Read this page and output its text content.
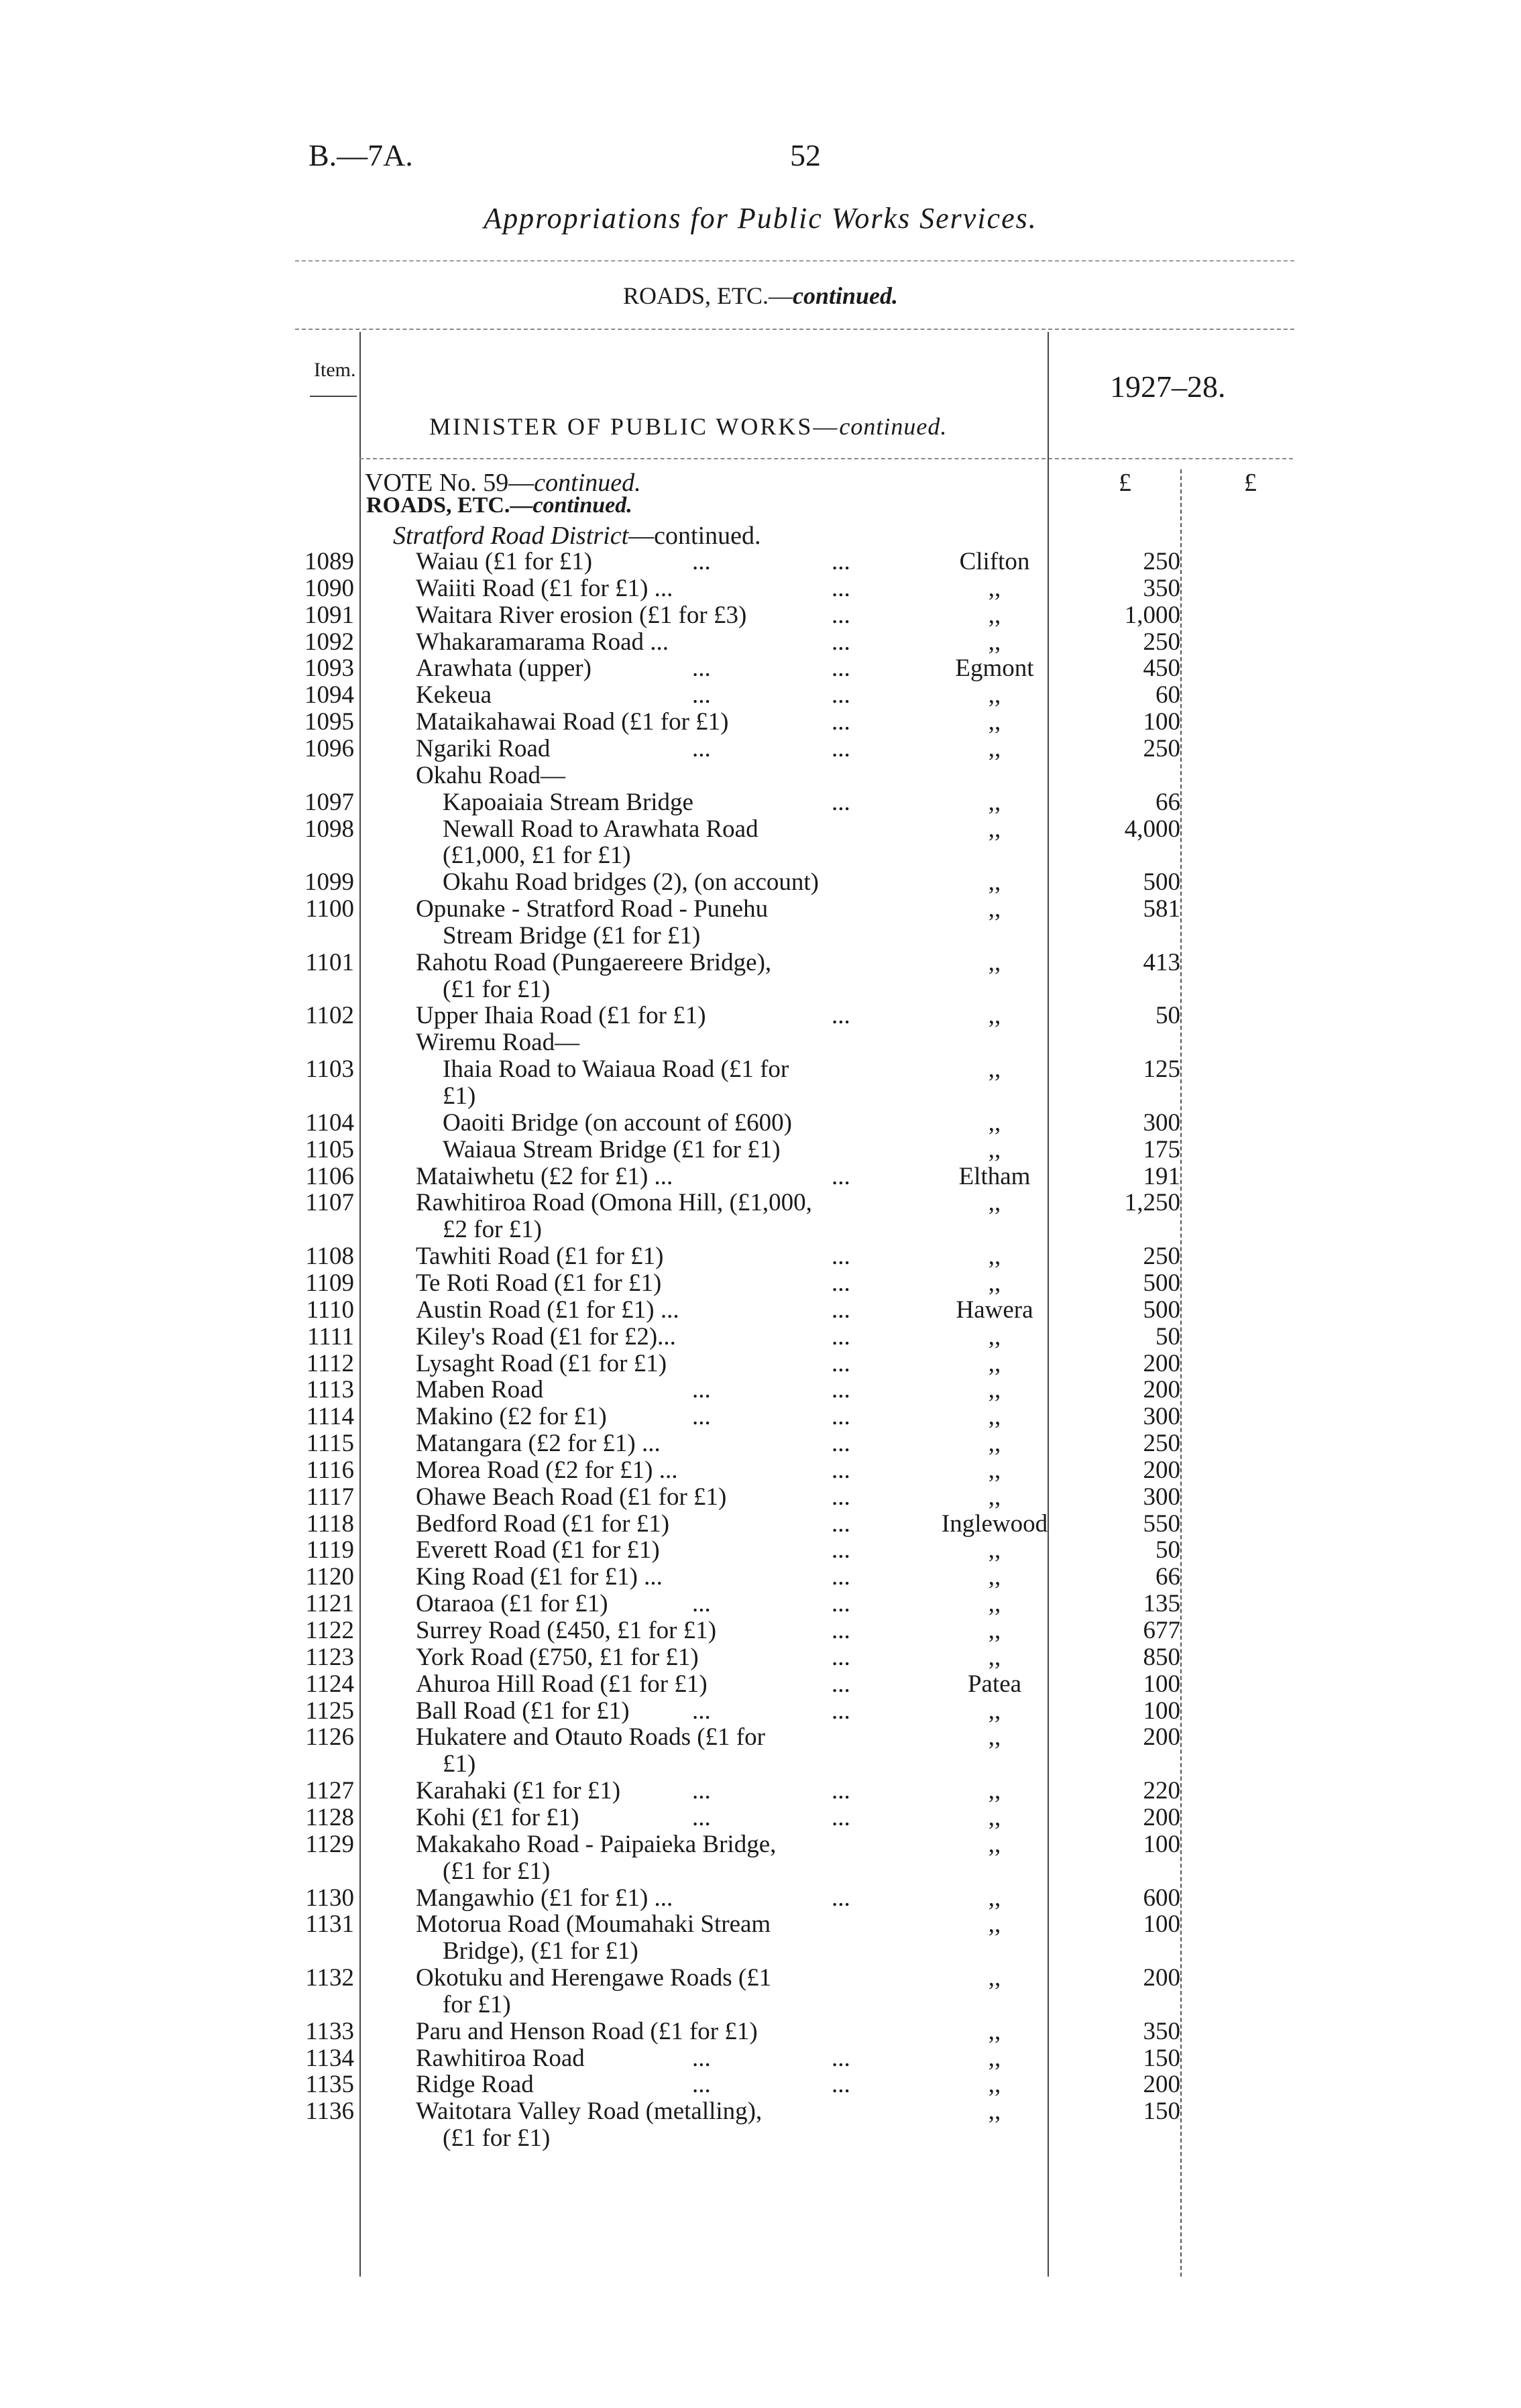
B.—7A.	52
Appropriations for Public Works Services.
ROADS, ETC.—continued.
Item.	1927–28.
MINISTER OF PUBLIC WORKS—continued.
£	£
VOTE No. 59—continued.
ROADS, ETC.—continued.
Stratford Road District—continued.
1089 Waiau (£1 for £1)	...	...	Clifton	250
1090 Waiiti Road (£1 for £1) ...	...	,,	350
1091 Waitara River erosion (£1 for £3)	...	,,	1,000
1092 Whakaramarama Road ...	...	,,	250
1093 Arawhata (upper)	...	...	Egmont	450
1094 Kekeua	...	...	,,	60
1095 Mataikahawai Road (£1 for £1)	...	,,	100
1096 Ngariki Road	...	...	,,	250
Okahu Road—
1097	Kapoaiaia Stream Bridge	...	,,	66
1098	Newall Road to Arawhata Road	,,	4,000
(£1,000, £1 for £1)
1099	Okahu Road bridges (2), (on account)	,,	500
1100 Opunake - Stratford Road - Punehu	,,	581
Stream Bridge (£1 for £1)
1101 Rahotu Road (Pungaereere Bridge),	,,	413
(£1 for £1)
1102 Upper Ihaia Road (£1 for £1)	...	,,	50
Wiremu Road—
1103	Ihaia Road to Waiaua Road (£1 for	,,	125
£1)
1104	Oaoiti Bridge (on account of £600)	,,	300
1105	Waiaua Stream Bridge (£1 for £1)	,,	175
1106 Mataiwhetu (£2 for £1) ...	...	Eltham	191
1107 Rawhitiroa Road (Omona Hill, (£1,000,	,,	1,250
£2 for £1)
1108 Tawhiti Road (£1 for £1)	...	,,	250
1109 Te Roti Road (£1 for £1)	...	,,	500
1110 Austin Road (£1 for £1) ...	...	Hawera	500
1111 Kiley's Road (£1 for £2)...	...	,,	50
1112 Lysaght Road (£1 for £1)	...	,,	200
1113 Maben Road	...	...	,,	200
1114 Makino (£2 for £1)	...	...	,,	300
1115 Matangara (£2 for £1) ...	...	,,	250
1116 Morea Road (£2 for £1) ...	...	,,	200
1117 Ohawe Beach Road (£1 for £1)	...	,,	300
1118 Bedford Road (£1 for £1)	...	Inglewood	550
1119 Everett Road (£1 for £1)	...	,,	50
1120 King Road (£1 for £1) ...	...	,,	66
1121 Otaraoa (£1 for £1)	...	...	,,	135
1122 Surrey Road (£450, £1 for £1)	...	,,	677
1123 York Road (£750, £1 for £1)	...	,,	850
1124 Ahuroa Hill Road (£1 for £1)	...	Patea	100
1125 Ball Road (£1 for £1)	...	...	,,	100
1126 Hukatere and Otauto Roads (£1 for	,,	200
£1)
1127 Karahaki (£1 for £1)	...	...	,,	220
1128 Kohi (£1 for £1)	...	...	,,	200
1129 Makakaho Road - Paipaieka Bridge,	,,	100
(£1 for £1)
1130 Mangawhio (£1 for £1) ...	...	,,	600
1131 Motorua Road (Moumahaki Stream	,,	100
Bridge), (£1 for £1)
1132 Okotuku and Herengawe Roads (£1	,,	200
for £1)
1133 Paru and Henson Road (£1 for £1)	,,	350
1134 Rawhitiroa Road	...	...	,,	150
1135 Ridge Road	...	...	,,	200
1136 Waitotara Valley Road (metalling),	,,	150
(£1 for £1)
